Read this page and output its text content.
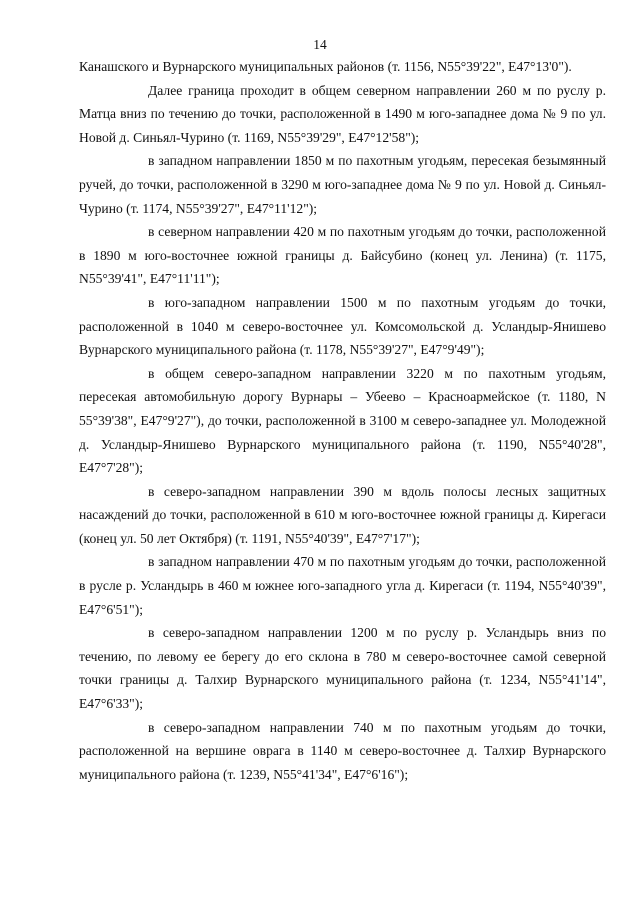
14

Канашского и Вурнарского муниципальных районов (т. 1156, N55°39'22", E47°13'0").

Далее граница проходит в общем северном направлении 260 м по руслу р. Матца вниз по течению до точки, расположенной в 1490 м юго-западнее дома № 9 по ул. Новой д. Синьял-Чурино (т. 1169, N55°39'29", E47°12'58");

в западном направлении 1850 м по пахотным угодьям, пересекая безымянный ручей, до точки, расположенной в 3290 м юго-западнее дома № 9 по ул. Новой д. Синьял-Чурино (т. 1174, N55°39'27", E47°11'12");

в северном направлении 420 м по пахотным угодьям до точки, расположенной в 1890 м юго-восточнее южной границы д. Байсубино (конец ул. Ленина) (т. 1175, N55°39'41", E47°11'11");

в юго-западном направлении 1500 м по пахотным угодьям до точки, расположенной в 1040 м северо-восточнее ул. Комсомольской д. Усландыр-Янишево Вурнарского муниципального района (т. 1178, N55°39'27", E47°9'49");

в общем северо-западном направлении 3220 м по пахотным угодьям, пересекая автомобильную дорогу Вурнары – Убеево – Красноармейское (т. 1180, N 55°39'38", E47°9'27"), до точки, расположенной в 3100 м северо-западнее ул. Молодежной д. Усландыр-Янишево Вурнарского муниципального района (т. 1190, N55°40'28", E47°7'28");

в северо-западном направлении 390 м вдоль полосы лесных защитных насаждений до точки, расположенной в 610 м юго-восточнее южной границы д. Кирегаси (конец ул. 50 лет Октября) (т. 1191, N55°40'39", E47°7'17");

в западном направлении 470 м по пахотным угодьям до точки, расположенной в русле р. Усландырь в 460 м южнее юго-западного угла д. Кирегаси (т. 1194, N55°40'39", E47°6'51");

в северо-западном направлении 1200 м по руслу р. Усландырь вниз по течению, по левому ее берегу до его склона в 780 м северо-восточнее самой северной точки границы д. Талхир Вурнарского муниципального района (т. 1234, N55°41'14", E47°6'33");

в северо-западном направлении 740 м по пахотным угодьям до точки, расположенной на вершине оврага в 1140 м северо-восточнее д. Талхир Вурнарского муниципального района (т. 1239, N55°41'34", E47°6'16");
